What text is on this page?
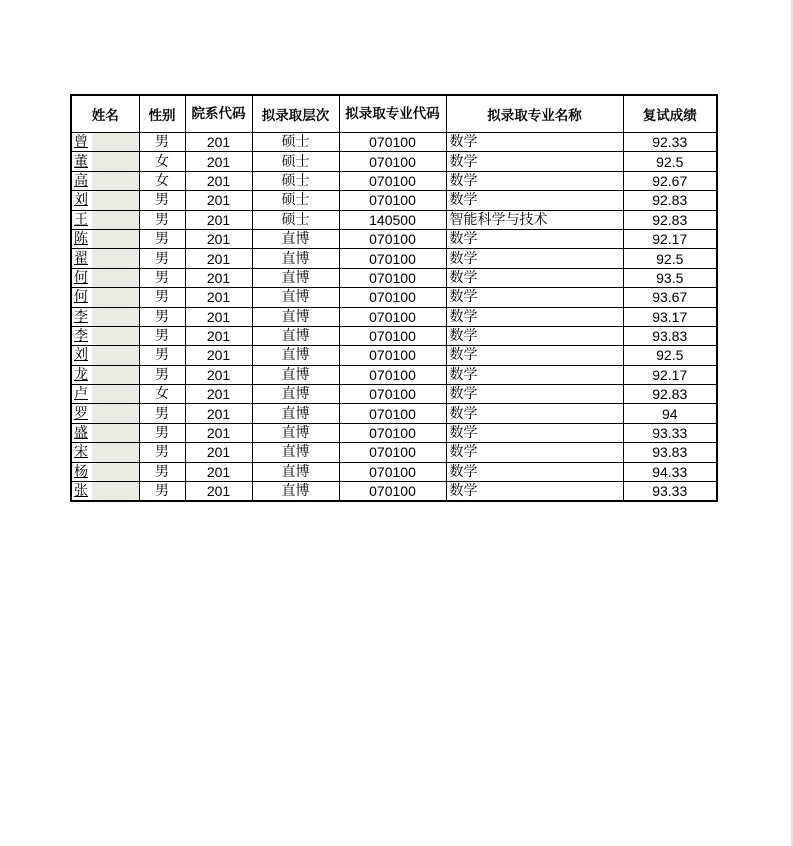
姓名	性别	院系代码	拟录取层次	拟录取专业代码	拟录取专业名称	复试成绩
曾	男	201	硕士	070100	数学	92.33
董	女	201	硕士	070100	数学	92.5
高	女	201	硕士	070100	数学	92.67
刘	男	201	硕士	070100	数学	92.83
王	男	201	硕士	140500	智能科学与技术	92.83
陈	男	201	直博	070100	数学	92.17
翟	男	201	直博	070100	数学	92.5
何	男	201	直博	070100	数学	93.5
何	男	201	直博	070100	数学	93.67
李	男	201	直博	070100	数学	93.17
李	男	201	直博	070100	数学	93.83
刘	男	201	直博	070100	数学	92.5
龙	男	201	直博	070100	数学	92.17
卢	女	201	直博	070100	数学	92.83
罗	男	201	直博	070100	数学	94
盛	男	201	直博	070100	数学	93.33
宋	男	201	直博	070100	数学	93.83
杨	男	201	直博	070100	数学	94.33
张	男	201	直博	070100	数学	93.33
